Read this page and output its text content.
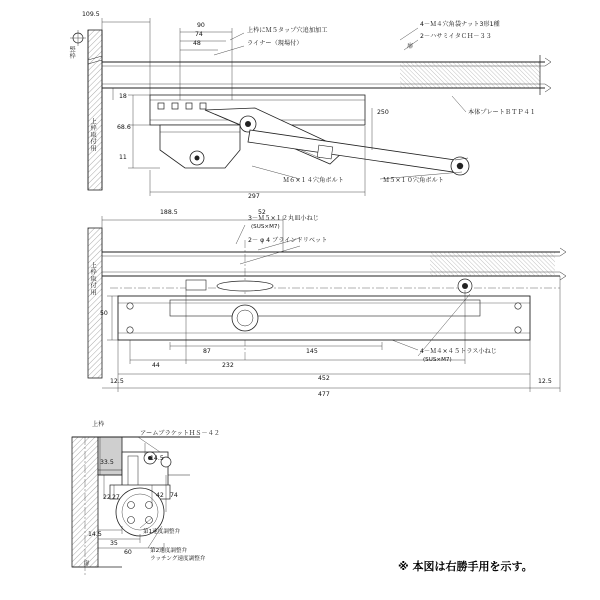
109.5
90
74
48
上枠にＭ５タップ穴追加加工
ライナー（現場付）
4－Ｍ４穴角袋ナット3形1種
2－ハサミイタＣＨ－３３
扉
本体プレートＢＴＰ４１
250
68.6
18
11
上枠取付用
竪枠
Ｍ６×１４穴角ボルト	Ｍ５×１０穴角ボルト
297
188.5	52
3－Ｍ５×１２丸皿小ねじ
(SUS×M7)
2－ φ 4 ブラインドリベット
上枠取付用
50
87	145	4－Ｍ４×４５トラス小ねじ
(SUS×M7)
44	232
452
12.5	12.5
477
上枠
アームブラケットＨＳ－４２
33.5
14.5
22 27	42 74
14.5
35
60
第1速度調整弁
第2速度調整弁
ラッチング速度調整弁
扉	※ 本図は右勝手用を示す。
